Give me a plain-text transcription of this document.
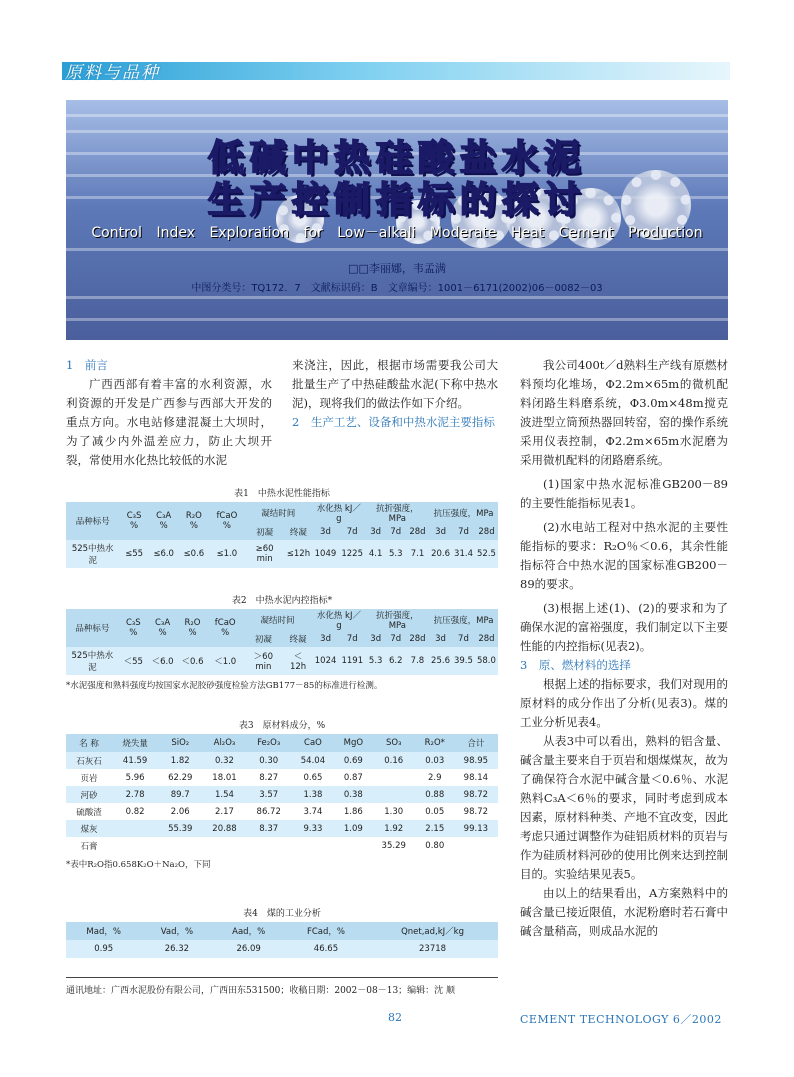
原料与品种
低碱中热硅酸盐水泥
生产控制指标的探讨
Control Index Exploration for Low－alkali Moderate Heat Cement Production
□□李丽娜，韦孟满
中图分类号：TQ172．7　文献标识码：B　文章编号：1001－6171(2002)06－0082－03
1　前言

广西西部有着丰富的水利资源，水利资源的开发是广西参与西部大开发的重点方向。水电站修建混凝土大坝时，为了减少内外温差应力，防止大坝开裂，常使用水化热比较低的水泥

来浇注，因此，根据市场需要我公司大批量生产了中热硅酸盐水泥(下称中热水泥)，现将我们的做法作如下介绍。
2　生产工艺、设备和中热水泥主要指标
表1　中热水泥性能指标
品种标号	C₃S %	C₃A %	R₂O %	fCaO %	凝结时间		水化热 kJ／g		抗折强度，MPa			抗压强度，MPa		
					初凝	终凝	3d	7d	3d	7d	28d	3d	7d	28d
525中热水泥	≤55	≤6.0	≤0.6	≤1.0	≥60 min	≤12h	1049	1225	4.1	5.3	7.1	20.6	31.4	52.5
表2　中热水泥内控指标*
品种标号	C₃S %	C₃A %	R₂O %	fCaO %	凝结时间		水化热 kJ／g		抗折强度，MPa			抗压强度，MPa		
					初凝	终凝	3d	7d	3d	7d	28d	3d	7d	28d
525中热水泥	＜55	＜6.0	＜0.6	＜1.0	＞60 min	＜12h	1024	1191	5.3	6.2	7.8	25.6	39.5	58.0
*水泥强度和熟料强度均按国家水泥胶砂强度检验方法GB177－85的标准进行检测。
表3　原材料成分，%
名 称	烧失量	SiO₂	Al₂O₃	Fe₂O₃	CaO	MgO	SO₃	R₂O*	合计
石灰石	41.59	1.82	0.32	0.30	54.04	0.69	0.16	0.03	98.95
页岩	5.96	62.29	18.01	8.27	0.65	0.87		2.9	98.14
河砂	2.78	89.7	1.54	3.57	1.38	0.38		0.88	98.72
硫酸渣	0.82	2.06	2.17	86.72	3.74	1.86	1.30	0.05	98.72
煤灰		55.39	20.88	8.37	9.33	1.09	1.92	2.15	99.13
石膏							35.29	0.80	
*表中R₂O指0.658K₂O＋Na₂O，下同
表4　煤的工业分析
Mad，%	Vad，%	Aad，%	FCad，%	Qnet,ad,kJ／kg
0.95	26.32	26.09	46.65	23718

我公司400t／d熟料生产线有原燃材料预均化堆场，Φ2.2m×65m的微机配料闭路生料磨系统，Φ3.0m×48m搅克波进型立筒预热器回转窑，窑的操作系统采用仪表控制，Φ2.2m×65m水泥磨为采用微机配料的闭路磨系统。

(1)国家中热水泥标准GB200－89的主要性能指标见表1。

(2)水电站工程对中热水泥的主要性能指标的要求：R₂O％＜0.6，其余性能指标符合中热水泥的国家标准GB200－89的要求。

(3)根据上述(1)、(2)的要求和为了确保水泥的富裕强度，我们制定以下主要性能的内控指标(见表2)。

3　原、燃材料的选择

根据上述的指标要求，我们对现用的原材料的成分作出了分析(见表3)。煤的工业分析见表4。

从表3中可以看出，熟料的铝含量、碱含量主要来自于页岩和烟煤煤灰，故为了确保符合水泥中碱含量＜0.6％、水泥熟料C₃A＜6％的要求，同时考虑到成本因素，原材料种类、产地不宜改变，因此考虑只通过调整作为硅铝质材料的页岩与作为硅质材料河砂的使用比例来达到控制目的。实验结果见表5。

由以上的结果看出，A方案熟料中的碱含量已接近限值，水泥粉磨时若石膏中碱含量稍高，则成品水泥的

通讯地址：广西水泥股份有限公司，广西田东531500；收稿日期：2002－08－13；编辑：沈 顺
82	CEMENT TECHNOLOGY 6／2002
